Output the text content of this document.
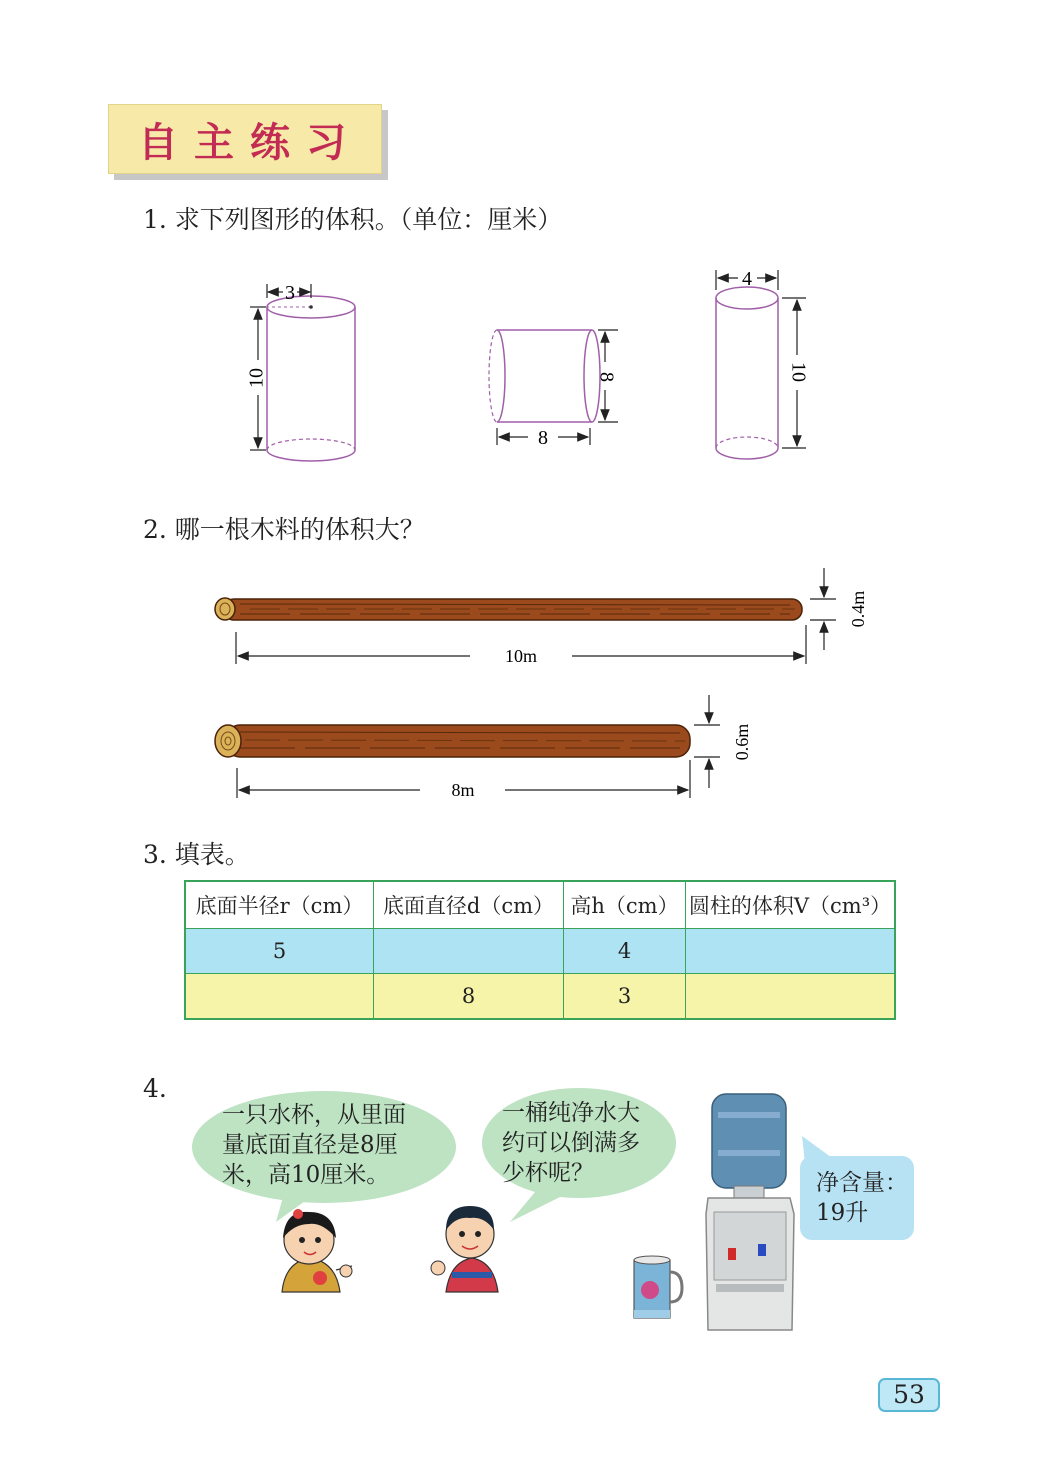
自主练习
1. 求下列图形的体积。（单位：厘米）
3
10	8
8
4
10
10m
0.4m
8m
0.6m
2. 哪一根木料的体积大？
3. 填表。
底面半径r（cm）	底面直径d（cm）	高h（cm）	圆柱的体积V（cm³）
5		4	
	8	3	
4.
一只水杯，从里面
量底面直径是8厘
米，高10厘米。
一桶纯净水大
约可以倒满多
少杯呢？	净含量：
19升
53
